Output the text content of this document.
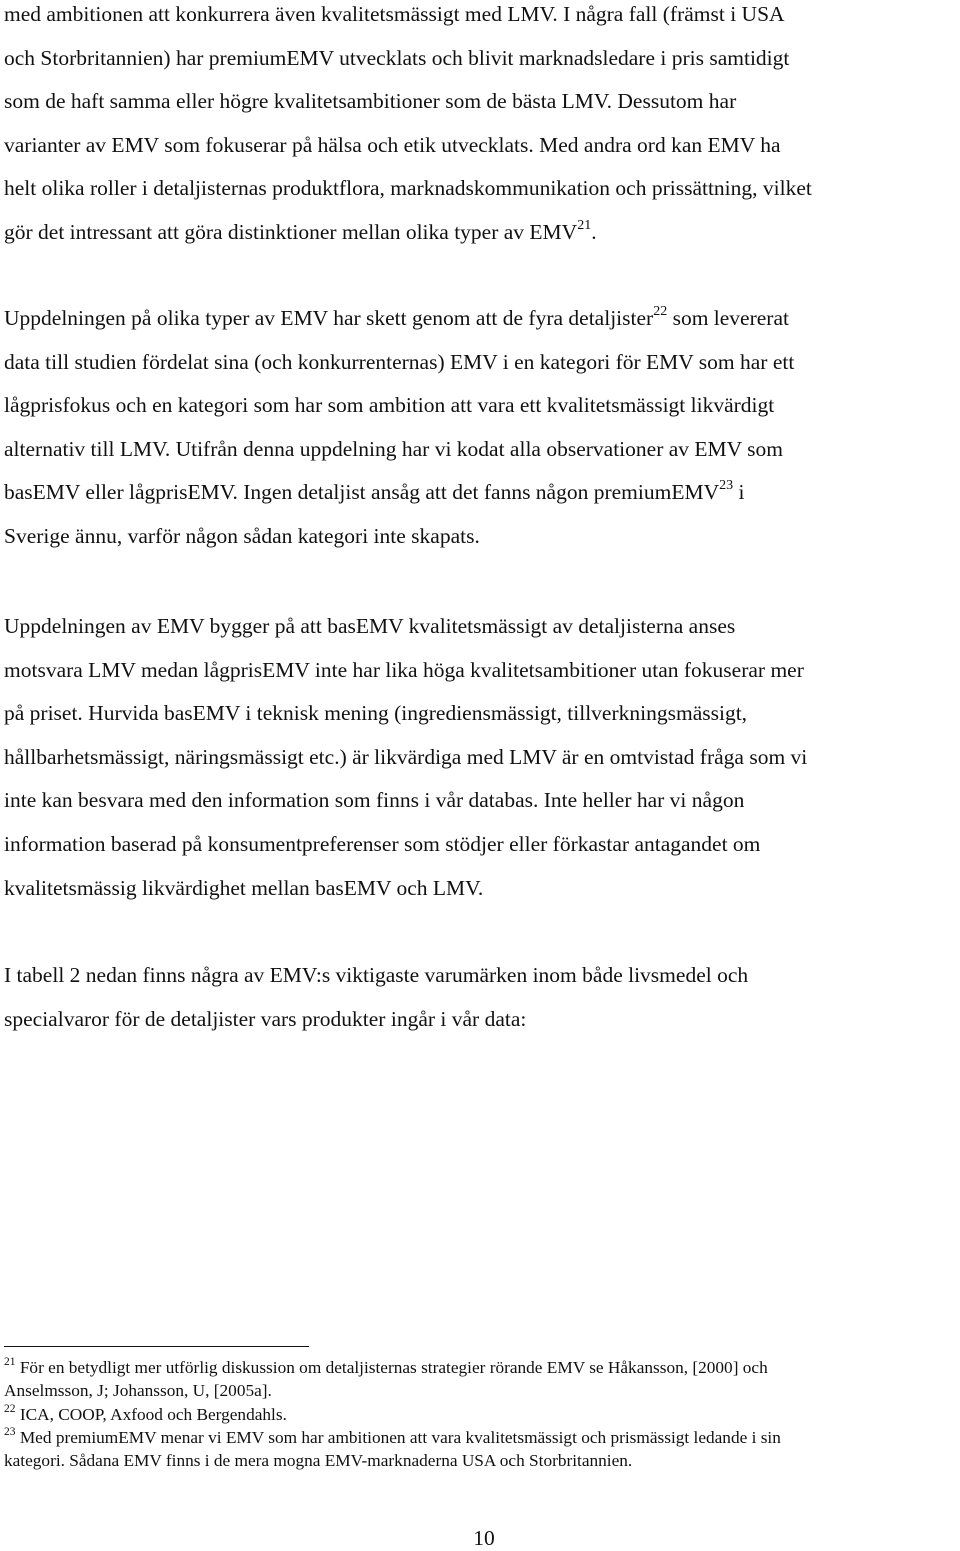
med ambitionen att konkurrera även kvalitetsmässigt med LMV. I några fall (främst i USA
och Storbritannien) har premiumEMV utvecklats och blivit marknadsledare i pris samtidigt
som de haft samma eller högre kvalitetsambitioner som de bästa LMV. Dessutom har
varianter av EMV som fokuserar på hälsa och etik utvecklats. Med andra ord kan EMV ha
helt olika roller i detaljisternas produktflora, marknadskommunikation och prissättning, vilket
gör det intressant att göra distinktioner mellan olika typer av EMV$^{21}$.

Uppdelningen på olika typer av EMV har skett genom att de fyra detaljister$^{22}$ som levererat
data till studien fördelat sina (och konkurrenternas) EMV i en kategori för EMV som har ett
lågprisfokus och en kategori som har som ambition att vara ett kvalitetsmässigt likvärdigt
alternativ till LMV. Utifrån denna uppdelning har vi kodat alla observationer av EMV som
basEMV eller lågprisEMV. Ingen detaljist ansåg att det fanns någon premiumEMV$^{23}$ i
Sverige ännu, varför någon sådan kategori inte skapats.

Uppdelningen av EMV bygger på att basEMV kvalitetsmässigt av detaljisterna anses
motsvara LMV medan lågprisEMV inte har lika höga kvalitetsambitioner utan fokuserar mer
på priset. Hurvida basEMV i teknisk mening (ingrediensmässigt, tillverkningsmässigt,
hållbarhetsmässigt, näringsmässigt etc.) är likvärdiga med LMV är en omtvistad fråga som vi
inte kan besvara med den information som finns i vår databas. Inte heller har vi någon
information baserad på konsumentpreferenser som stödjer eller förkastar antagandet om
kvalitetsmässig likvärdighet mellan basEMV och LMV.

I tabell 2 nedan finns några av EMV:s viktigaste varumärken inom både livsmedel och
specialvaror för de detaljister vars produkter ingår i vår data:

$^{21}$ För en betydligt mer utförlig diskussion om detaljisternas strategier rörande EMV se Håkansson, [2000] och
Anselmsson, J; Johansson, U, [2005a].
$^{22}$ ICA, COOP, Axfood och Bergendahls.
$^{23}$ Med premiumEMV menar vi EMV som har ambitionen att vara kvalitetsmässigt och prismässigt ledande i sin
kategori. Sådana EMV finns i de mera mogna EMV-marknaderna USA och Storbritannien.
10
